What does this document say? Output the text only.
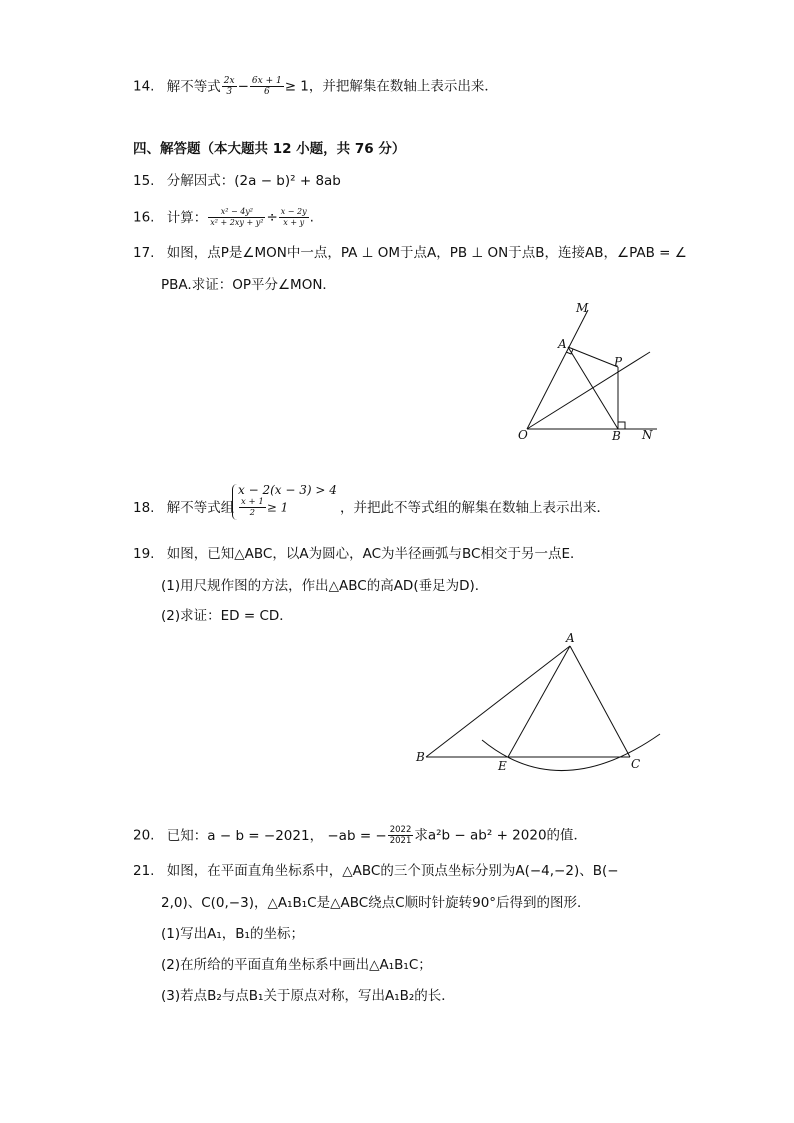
14. 解不等式 $\frac{2x}{3} - \frac{6x + 1}{6} \ge 1$，并把解集在数轴上表示出来．
四、解答题（本大题共 12 小题，共 76 分）
15. 分解因式：(2a − b)² + 8ab
16. 计算： $\frac{\text{x² − 4y²}}{\text{x² + 2xy + y²}} \div \frac{x - 2y}{x + y}$ .
17. 如图，点P是∠MON中一点，PA ⊥ OM于点A，PB ⊥ ON于点B，连接AB，∠PAB = ∠
PBA.求证：OP平分∠MON．
M
A
P
O	B N
18. 解不等式组
x − 2(x − 3) > 4
$\frac{x + 1}{2} \ge 1$	，并把此不等式组的解集在数轴上表示出来．
19. 如图，已知△ABC，以A为圆心，AC为半径画弧与BC相交于另一点E．
(1)用尺规作图的方法，作出△ABC的高AD(垂足为D)．
(2)求证：ED = CD．
A
B
E	C
20. 已知：a − b = −2021， −ab = − $\frac{2022}{2021}$ 求a²b − ab² + 2020的值．
21. 如图，在平面直角坐标系中，△ABC的三个顶点坐标分别为A(−4,−2)、B(−
2,0)、C(0,−3)，△A₁B₁C是△ABC绕点C顺时针旋转90°后得到的图形．
(1)写出A₁，B₁的坐标；
(2)在所给的平面直角坐标系中画出△A₁B₁C；
(3)若点B₂与点B₁关于原点对称，写出A₁B₂的长．
